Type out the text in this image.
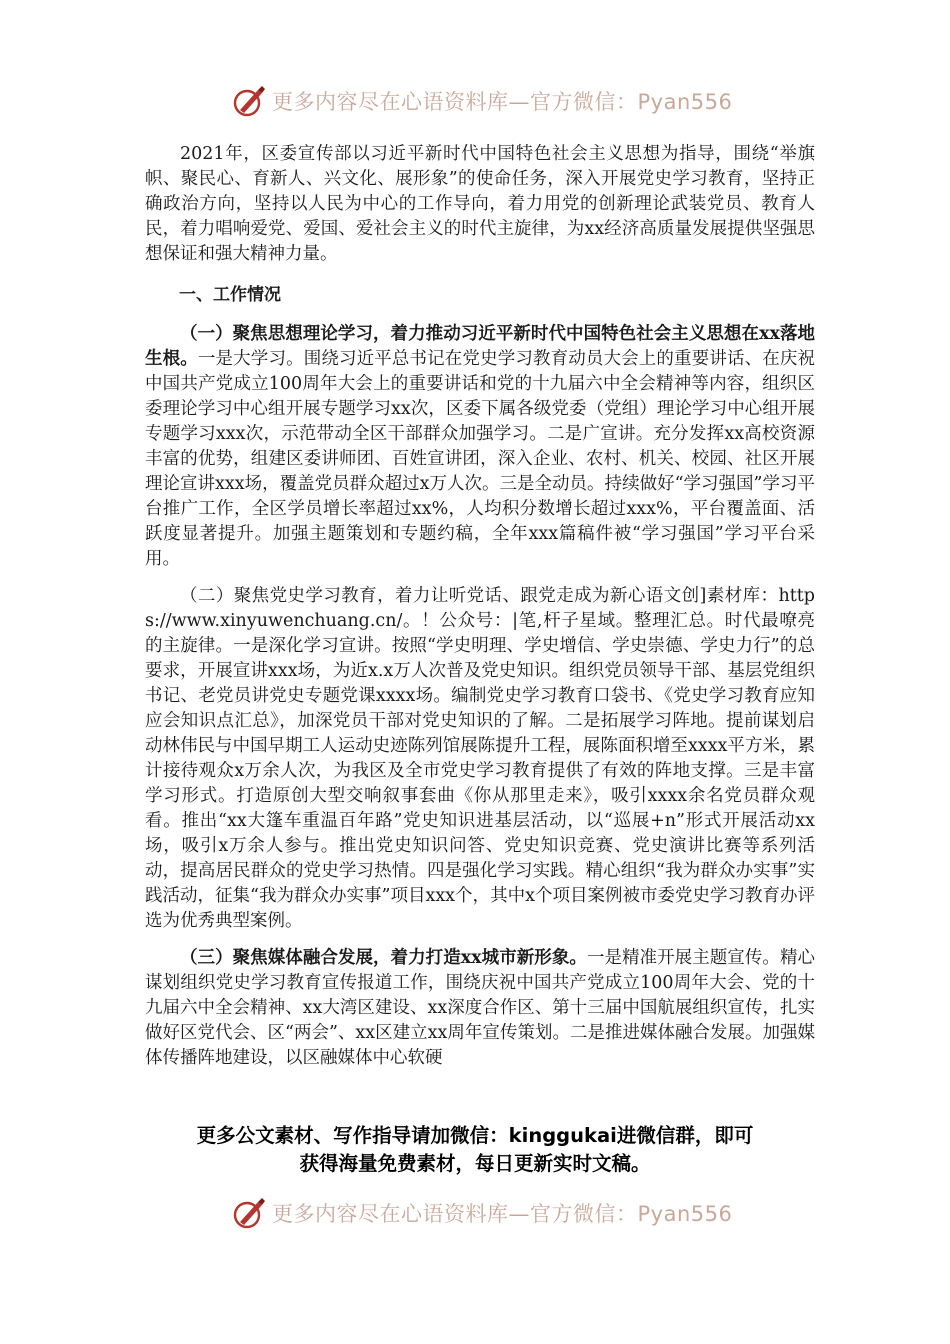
更多内容尽在心语资料库—官方微信：Pyan556

2021年，区委宣传部以习近平新时代中国特色社会主义思想为指导，围绕“举旗帜、聚民心、育新人、兴文化、展形象”的使命任务，深入开展党史学习教育，坚持正确政治方向，坚持以人民为中心的工作导向，着力用党的创新理论武装党员、教育人民，着力唱响爱党、爱国、爱社会主义的时代主旋律，为xx经济高质量发展提供坚强思想保证和强大精神力量。

一、工作情况

（一）聚焦思想理论学习，着力推动习近平新时代中国特色社会主义思想在xx落地生根。一是大学习。围绕习近平总书记在党史学习教育动员大会上的重要讲话、在庆祝中国共产党成立100周年大会上的重要讲话和党的十九届六中全会精神等内容，组织区委理论学习中心组开展专题学习xx次，区委下属各级党委（党组）理论学习中心组开展专题学习xxx次，示范带动全区干部群众加强学习。二是广宣讲。充分发挥xx高校资源丰富的优势，组建区委讲师团、百姓宣讲团，深入企业、农村、机关、校园、社区开展理论宣讲xxx场，覆盖党员群众超过x万人次。三是全动员。持续做好“学习强国”学习平台推广工作，全区学员增长率超过xx%，人均积分数增长超过xxx%，平台覆盖面、活跃度显著提升。加强主题策划和专题约稿，全年xxx篇稿件被“学习强国”学习平台采用。

（二）聚焦党史学习教育，着力让听党话、跟党走成为新心语文创]素材库：https://www.xinyuwenchuang.cn/。！公众号：|笔,杆子星域。整理汇总。时代最嘹亮的主旋律。一是深化学习宣讲。按照“学史明理、学史增信、学史崇德、学史力行”的总要求，开展宣讲xxx场，为近x.x万人次普及党史知识。组织党员领导干部、基层党组织书记、老党员讲党史专题党课xxxx场。编制党史学习教育口袋书、《党史学习教育应知应会知识点汇总》，加深党员干部对党史知识的了解。二是拓展学习阵地。提前谋划启动林伟民与中国早期工人运动史迹陈列馆展陈提升工程，展陈面积增至xxxx平方米，累计接待观众x万余人次，为我区及全市党史学习教育提供了有效的阵地支撑。三是丰富学习形式。打造原创大型交响叙事套曲《你从那里走来》，吸引xxxx余名党员群众观看。推出“xx大篷车重温百年路”党史知识进基层活动，以“巡展+n”形式开展活动xx场，吸引x万余人参与。推出党史知识问答、党史知识竞赛、党史演讲比赛等系列活动，提高居民群众的党史学习热情。四是强化学习实践。精心组织“我为群众办实事”实践活动，征集“我为群众办实事”项目xxx个，其中x个项目案例被市委党史学习教育办评选为优秀典型案例。

（三）聚焦媒体融合发展，着力打造xx城市新形象。一是精准开展主题宣传。精心谋划组织党史学习教育宣传报道工作，围绕庆祝中国共产党成立100周年大会、党的十九届六中全会精神、xx大湾区建设、xx深度合作区、第十三届中国航展组织宣传，扎实做好区党代会、区“两会”、xx区建立xx周年宣传策划。二是推进媒体融合发展。加强媒体传播阵地建设，以区融媒体中心软硬

更多公文素材、写作指导请加微信：kinggukai进微信群，即可
获得海量免费素材，每日更新实时文稿。
更多内容尽在心语资料库—官方微信：Pyan556
